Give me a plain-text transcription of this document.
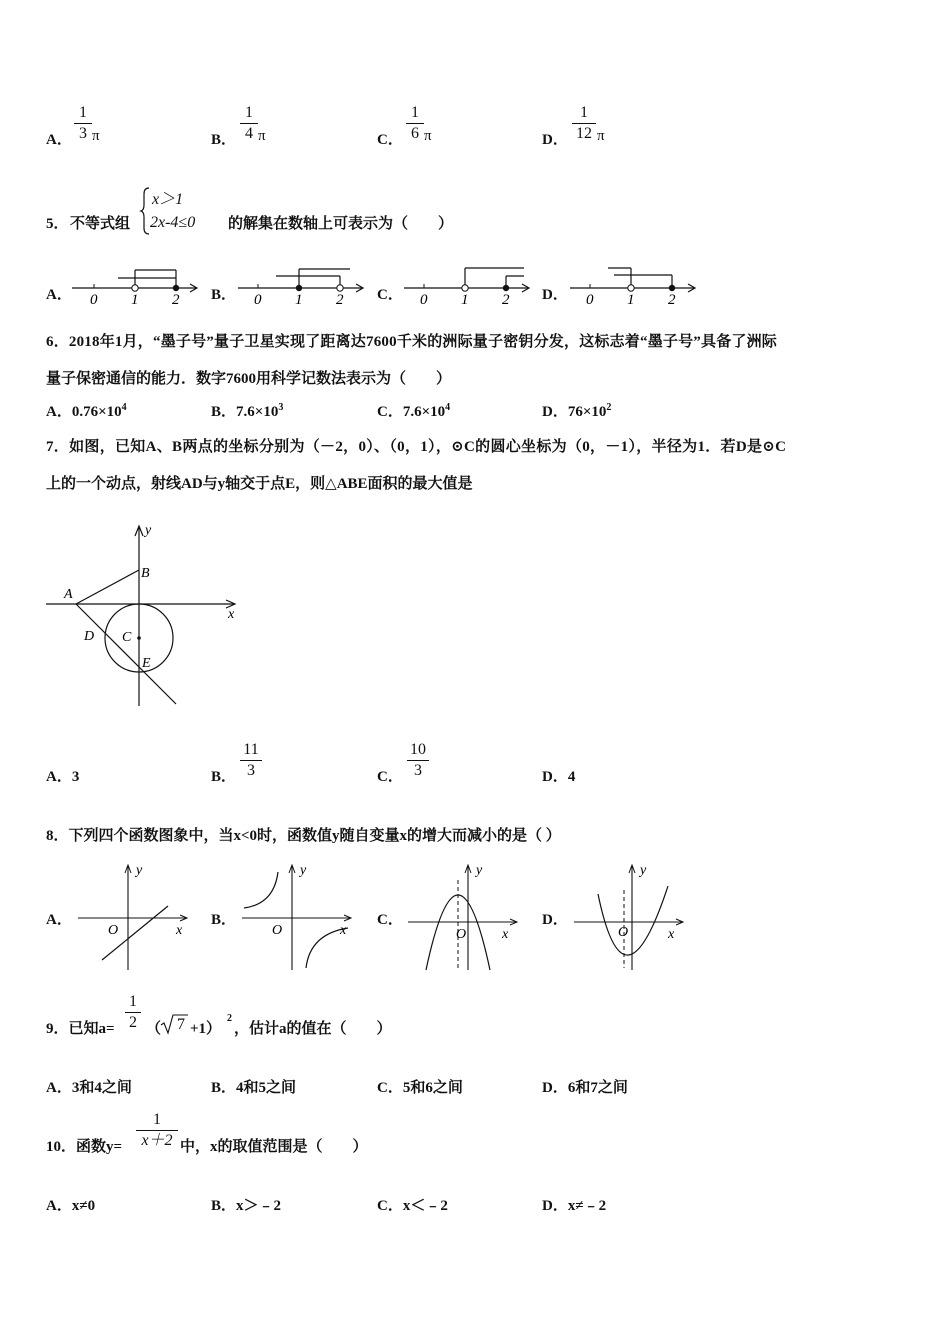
A．
1
3 π	B．
1
4 π	C．
1
6 π	D．
1
12 π
5． 不等式组
x＞1
2x‐4≤0 的解集在数轴上可表示为（　　）
A． 0 1 2 B． 0 1 2 C． 0 1 2 D． 0 1 2
6．2018年1月，“墨子号”量子卫星实现了距离达7600千米的洲际量子密钥分发，这标志着“墨子号”具备了洲际
量子保密通信的能力．数字7600用科学记数法表示为（　　）
A．$0.76\times 10^4$	B．$7.6\times 10^3$	C．$7.6\times 10^4$	D．$76\times 10^2$
7．如图，已知A、B两点的坐标分别为（－2，0）、（0，1），⊙C的圆心坐标为（0，－1），半径为1．若D是⊙C
上的一个动点，射线AD与y轴交于点E，则△ABE面积的最大值是
x
y
A
B
C
D
E
A．3	B．
11
3	C．
10
3	D．4
8．下列四个函数图象中，当x<0时，函数值y随自变量x的增大而减小的是（ ）
A．
y
x
O
B．
y
x
O
C．
y
x
O
D．
y
x
O
9．已知a=
1
2 （ 7 +1）
2
，估计a的值在（　　）
A．3和4之间	B．4和5之间	C．5和6之间	D．6和7之间
10．函数y=
1
x＋2 中，x的取值范围是（　　）
A．x≠0	B．x＞﹣2	C．x＜﹣2	D．x≠﹣2
